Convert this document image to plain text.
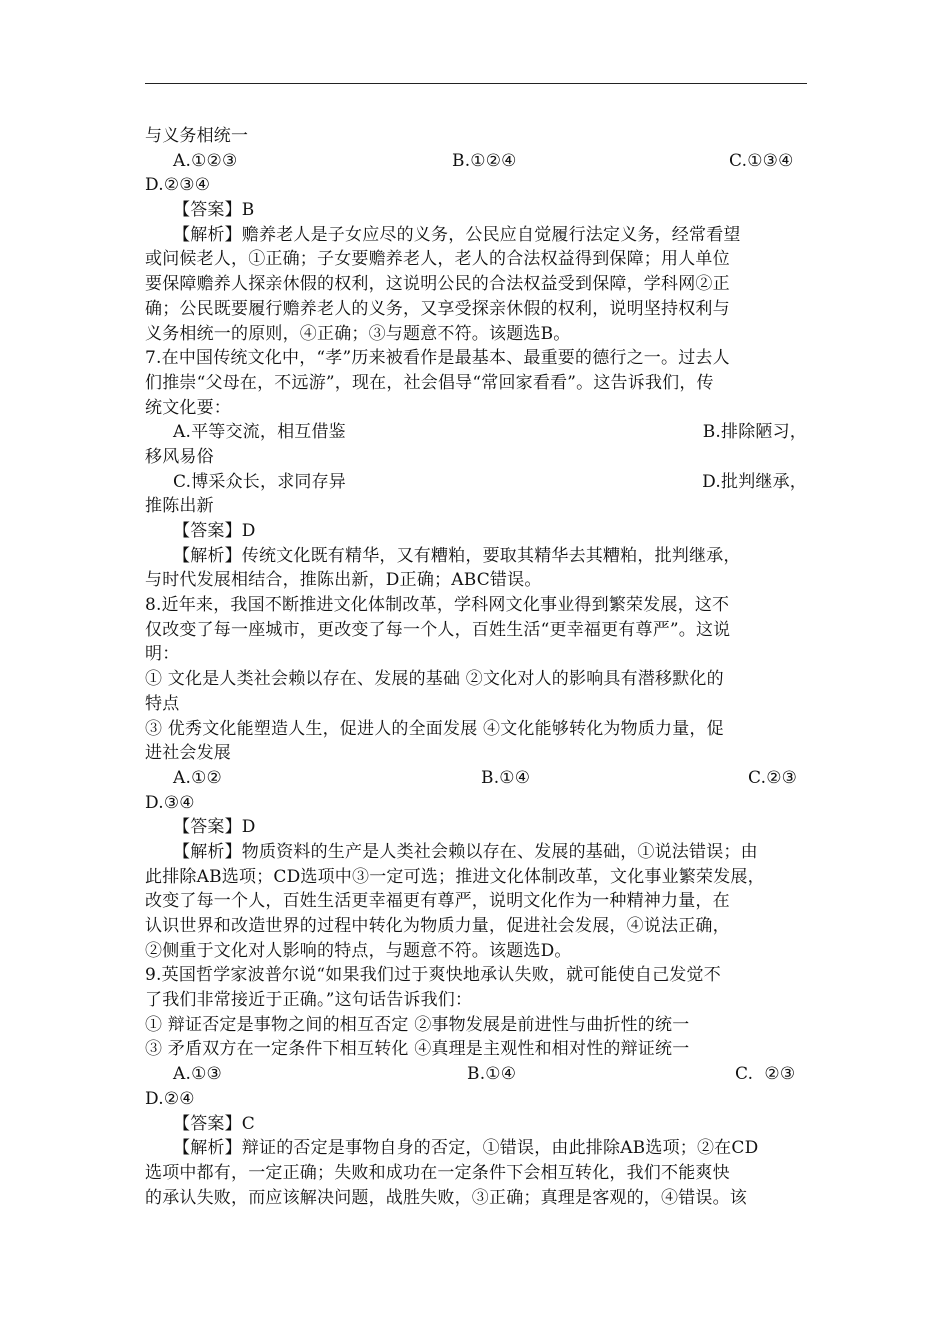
与义务相统一
A.①②③	B.①②④	C.①③④
D.②③④
【答案】B
【解析】赡养老人是子女应尽的义务，公民应自觉履行法定义务，经常看望
或问候老人，①正确；子女要赡养老人，老人的合法权益得到保障；用人单位
要保障赡养人探亲休假的权利，这说明公民的合法权益受到保障，学科网②正
确；公民既要履行赡养老人的义务，又享受探亲休假的权利，说明坚持权利与
义务相统一的原则，④正确；③与题意不符。该题选B。
7.在中国传统文化中，“孝”历来被看作是最基本、最重要的德行之一。过去人
们推崇“父母在，不远游”，现在，社会倡导“常回家看看”。这告诉我们，传
统文化要：
A.平等交流，相互借鉴	B.排除陋习，
移风易俗
C.博采众长，求同存异	D.批判继承，
推陈出新
【答案】D
【解析】传统文化既有精华，又有糟粕，要取其精华去其糟粕，批判继承，
与时代发展相结合，推陈出新，D正确；ABC错误。
8.近年来，我国不断推进文化体制改革，学科网文化事业得到繁荣发展，这不
仅改变了每一座城市，更改变了每一个人，百姓生活“更幸福更有尊严”。这说
明：
① 文化是人类社会赖以存在、发展的基础 ②文化对人的影响具有潜移默化的
特点
③ 优秀文化能塑造人生，促进人的全面发展 ④文化能够转化为物质力量，促
进社会发展
A.①②	B.①④	C.②③
D.③④
【答案】D
【解析】物质资料的生产是人类社会赖以存在、发展的基础，①说法错误；由
此排除AB选项；CD选项中③一定可选；推进文化体制改革，文化事业繁荣发展，
改变了每一个人，百姓生活更幸福更有尊严，说明文化作为一种精神力量，在
认识世界和改造世界的过程中转化为物质力量，促进社会发展，④说法正确，
②侧重于文化对人影响的特点，与题意不符。该题选D。
9.英国哲学家波普尔说“如果我们过于爽快地承认失败，就可能使自己发觉不
了我们非常接近于正确。”这句话告诉我们：
① 辩证否定是事物之间的相互否定 ②事物发展是前进性与曲折性的统一
③ 矛盾双方在一定条件下相互转化 ④真理是主观性和相对性的辩证统一
A.①③	B.①④	C.  ②③
D.②④
【答案】C
【解析】辩证的否定是事物自身的否定，①错误，由此排除AB选项；②在CD
选项中都有，一定正确；失败和成功在一定条件下会相互转化，我们不能爽快
的承认失败，而应该解决问题，战胜失败，③正确；真理是客观的，④错误。该
